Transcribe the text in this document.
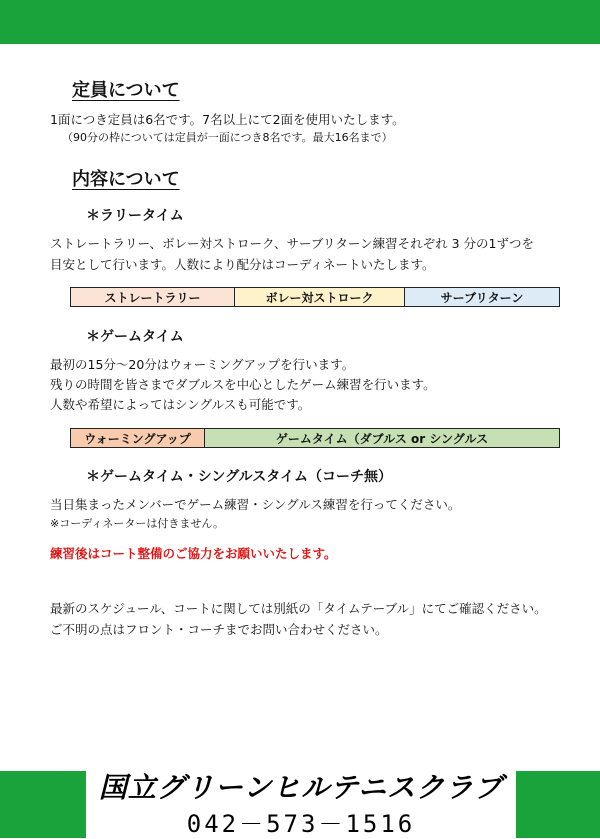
定員について
1面につき定員は6名です。7名以上にて2面を使用いたします。
（90分の枠については定員が一面につき8名です。最大16名まで）
内容について
＊ラリータイム
ストレートラリー、ボレー対ストローク、サーブリターン練習それぞれ 3 分の1ずつを
目安として行います。人数により配分はコーディネートいたします。
ストレートラリー	ボレー対ストローク	サーブリターン
＊ゲームタイム
最初の15分～20分はウォーミングアップを行います。
残りの時間を皆さまでダブルスを中心としたゲーム練習を行います。
人数や希望によってはシングルスも可能です。
ウォーミングアップ	ゲームタイム（ダブルス or シングルス
＊ゲームタイム・シングルスタイム（コーチ無）
当日集まったメンバーでゲーム練習・シングルス練習を行ってください。
※コーディネーターは付きません。
練習後はコート整備のご協力をお願いいたします。
最新のスケジュール、コートに関しては別紙の「タイムテーブル」にてご確認ください。
ご不明の点はフロント・コーチまでお問い合わせください。
国立グリーンヒルテニスクラブ
042－573－1516
